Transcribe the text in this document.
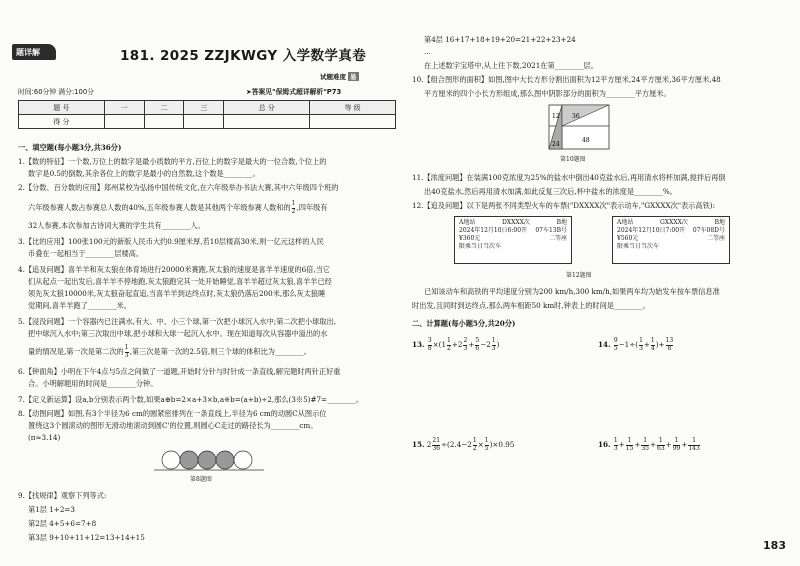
题详解	181. 2025 ZZJKWGY 入学数学真卷
试题难度 易
时间:60分钟 满分:100分	➤答案见"保姆式超详解析"P73
题 号	一	二	三	总 分	等 级
得 分					
一、填空题(每小题3分,共36分)
1.【数的特征】一个数,万位上的数字是最小质数的平方,百位上的数字是最大的一位合数,个位上的
数字是0.5的倒数,其余各位上的数字是最小的自然数,这个数是________。
2.【分数、百分数的应用】郑州某校为弘扬中国传统文化,在六年级举办书法大赛,其中六年级四个班的
六年级参赛人数占参赛总人数的40%,五年级参赛人数是其他两个年级参赛人数和的 $\frac{1}{2}$ ,四年级有
32人参赛,本次参加古诗词大赛的学生共有________人。
3.【比的应用】100张100元的新版人民币大约0.9厘米厚,若10层楼高30米,则一亿元这样的人民
币叠在一起相当于________层楼高。
4.【追及问题】喜羊羊和灰太狼在体育场进行20000米赛跑,灰太狼的速度是喜羊羊速度的6倍,当它
们从起点一起出发后,喜羊羊不停地跑,灰太狼跑完其一处开始睡觉,喜羊羊超过灰太狼,喜羊羊已经
领先灰太狼10000米,灰太狼奋起直追,当喜羊羊到达终点时,灰太狼仍落后200米,那么灰太狼睡
觉期间,喜羊羊跑了________米。
5.【浸没问题】一个容器内已注满水,有大、中、小三个球,第一次把小球沉入水中;第二次把小球取出,
把中球沉入水中;第三次取出中球,把小球和大球一起沉入水中。现在知道每次从容器中溢出的水
量的情况是,第一次是第二次的 $\frac{1}{3}$ ,第三次是第一次的2.5倍,则三个球的体积比为________。
6.【钟面角】小明在下午4点与5点之间做了一道题,开始时分针与时针成一条直线,解完题时两针正好重
合。小明解题用的时间是________分钟。
7.【定义新运算】设a,b分别表示两个数,如果a⊕b=2×a+3×b,a※b=(a+b)÷2,那么(3※5)#7=________。
8.【动图问题】如图,有3个半径为6 cm的圆紧密排列在一条直线上,半径为6 cm的动圆C从图示位
置绕这3个圆滚动的图形无滑动地滚动到圆C'的位置,则圆心C走过的路径长为________cm。
(π≈3.14)
第8题图
9.【找规律】观察下列等式:
第1层 1+2=3
第2层 4+5+6=7+8
第3层 9+10+11+12=13+14+15
第4层 16+17+18+19+20=21+22+23+24
...
在上述数字宝塔中,从上往下数,2021在第________层。
10.【组合图形的面积】如图,图中大长方形分割出面积为12平方厘米,24平方厘米,36平方厘米,48
平方厘米的四个小长方形组成,那么图中阴影部分的面积为________平方厘米。
12 36
24
48
第10题图
11.【浓度问题】在装满100克浓度为25%的盐水中倒出40克盐水后,再用清水将杯加满,搅拌后再倒
出40克盐水,然后再用清水加满,如此反复三次后,杯中盐水的浓度是________%。
12.【追及问题】以下是两张不同类型火车的车票("DXXXX次"表示动车,"GXXXX次"表示高铁):
A地站	DXXXX次	B地
2024年12月10日6:00开 07车13B号
¥360元	二等座
限乘当日当次车
A地站	GXXXX次	B地
2024年12月10日7:00开 07车08D号
¥560元	二等座
限乘当日当次车
第12题图
已知该动车和高铁的平均速度分别为200 km/h,300 km/h,如果两车均为始发车按车票信息准
时出发,且同时到达终点,那么两车相距50 km时,钟表上的时间是________。
二、计算题(每小题5分,共20分)
13. $\frac{3}{8} \times(1 \frac{1}{2} +2 \frac{2}{3} + \frac{5}{6} -2 \frac{1}{3}$ )	14. $\frac{9}{5} -1\div( \frac{1}{3} + \frac{1}{4}$ )+ $\frac{13}{8}$
15. $2 \frac{21}{36} \div(2.4-2 \frac{1}{2} \times \frac{1}{5} )\times 0.95$	16. $\frac{1}{3} + \frac{1}{15} + \frac{1}{35} + \frac{1}{63} + \frac{1}{99} + \frac{1}{143}$
183
